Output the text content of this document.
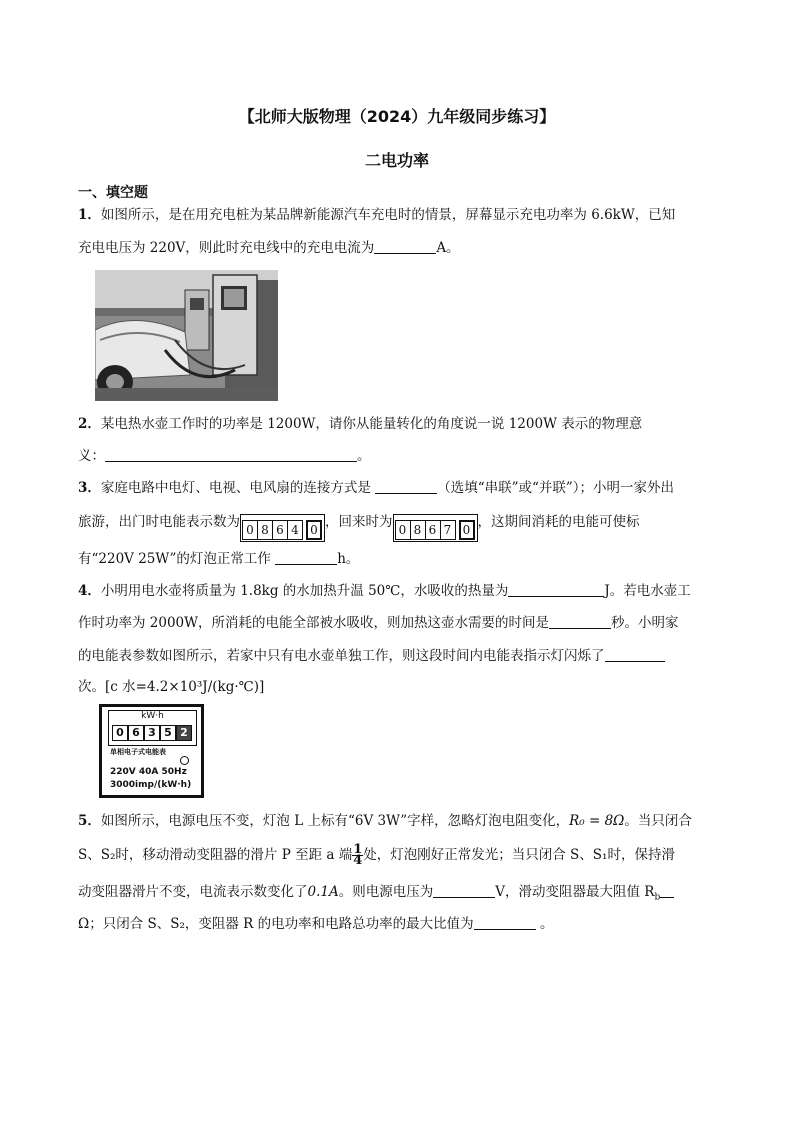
【北师大版物理（2024）九年级同步练习】
二电功率
一、填空题
1．如图所示，是在用充电桩为某品牌新能源汽车充电时的情景，屏幕显示充电功率为 6.6kW，已知
充电电压为 220V，则此时充电线中的充电电流为	A。
2．某电热水壶工作时的功率是 1200W，请你从能量转化的角度说一说 1200W 表示的物理意
义：	。
3．家庭电路中电灯、电视、电风扇的连接方式是	（选填“串联”或“并联”）；小明一家外出
旅游，出门时电能表示数为 0 8 6 4 0 ，回来时为 0 8 6 7 0 ，这期间消耗的电能可使标
有“220V 25W”的灯泡正常工作	h。
4．小明用电水壶将质量为 1.8kg 的水加热升温 50℃，水吸收的热量为	J。若电水壶工
作时功率为 2000W，所消耗的电能全部被水吸收，则加热这壶水需要的时间是	秒。小明家
的电能表参数如图所示，若家中只有电水壶单独工作，则这段时间内电能表指示灯闪烁了
次。[c 水=4.2×10³J/(kg·℃)]
kW·h
0 6 3 5 2
单相电子式电能表
220V 40A 50Hz
3000imp/(kW·h)
5．如图所示，电源电压不变，灯泡 L 上标有“6V 3W”字样，忽略灯泡电阻变化，R₀ = 8Ω。当只闭合
S、S₂时，移动滑动变阻器的滑片 P 至距 a 端 $\frac{1}{4}$ 处，灯泡刚好正常发光；当只闭合 S、S₁时，保持滑
动变阻器滑片不变，电流表示数变化了0.1A。则电源电压为	V，滑动变阻器最大阻值 $R_b$
Ω；只闭合 S、S₂，变阻器 R 的电功率和电路总功率的最大比值为	。
